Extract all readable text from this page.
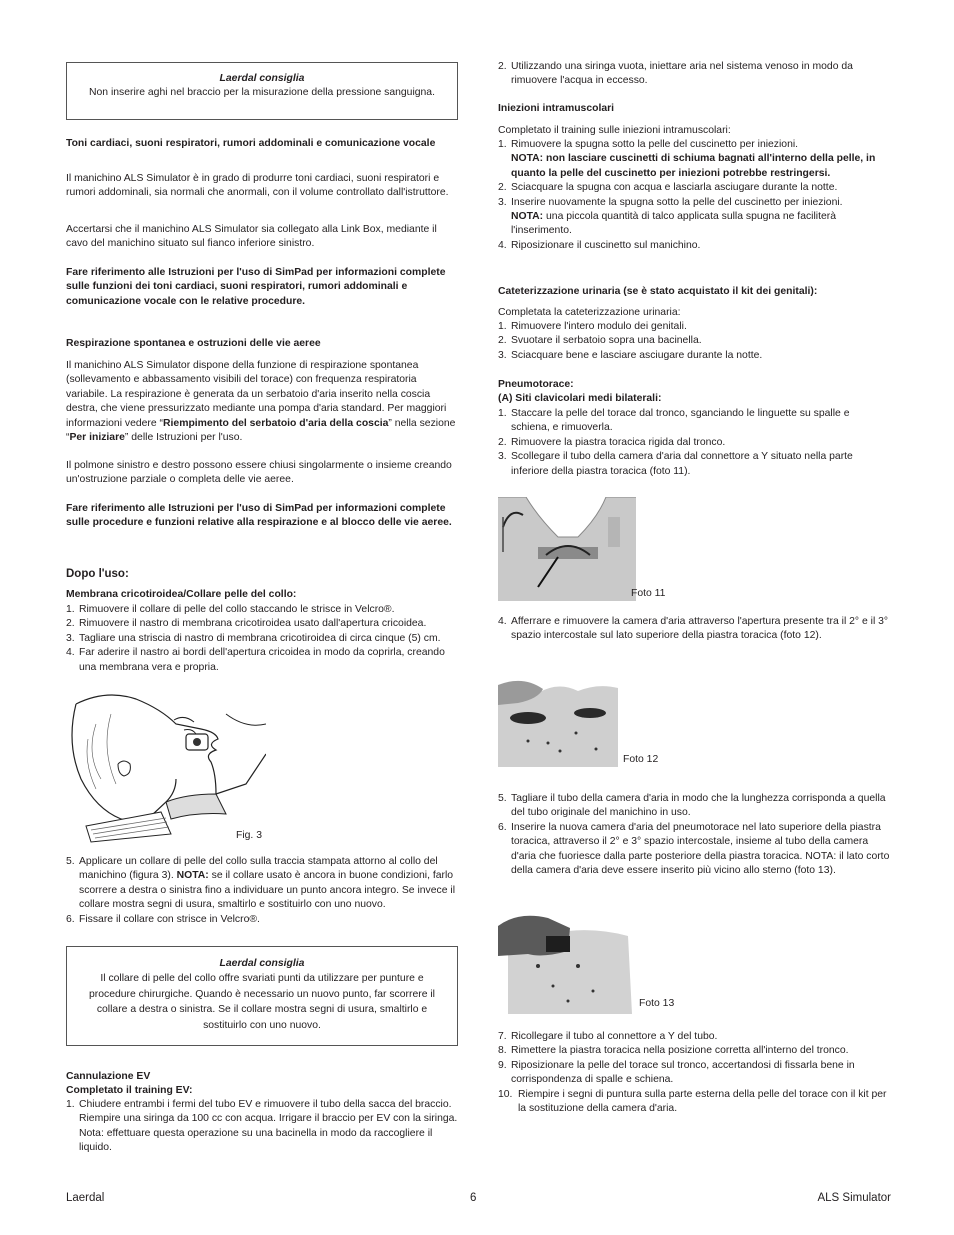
Laerdal consiglia
Non inserire aghi nel braccio per la misurazione della pressione sanguigna.

Toni cardiaci, suoni respiratori, rumori addominali e comunicazione vocale

Il manichino ALS Simulator è in grado di produrre toni cardiaci, suoni respiratori e rumori addominali, sia normali che anormali, con il volume controllato dall'istruttore.

Accertarsi che il manichino ALS Simulator sia collegato alla Link Box, mediante il cavo del manichino situato sul fianco inferiore sinistro.

Fare riferimento alle Istruzioni per l'uso di SimPad per informazioni complete sulle funzioni dei toni cardiaci, suoni respiratori, rumori addominali e comunicazione vocale con le relative procedure.

Respirazione spontanea e ostruzioni delle vie aeree

Il manichino ALS Simulator dispone della funzione di respirazione spontanea (sollevamento e abbassamento visibili del torace) con frequenza respiratoria variabile. La respirazione è generata da un serbatoio d'aria inserito nella coscia destra, che viene pressurizzato mediante una pompa d'aria standard. Per maggiori informazioni vedere “Riempimento del serbatoio d'aria della coscia” nella sezione “Per iniziare” delle Istruzioni per l'uso.

Il polmone sinistro e destro possono essere chiusi singolarmente o insieme creando un'ostruzione parziale o completa delle vie aeree.

Fare riferimento alle Istruzioni per l'uso di SimPad per informazioni complete sulle procedure e funzioni relative alla respirazione e al blocco delle vie aeree.

Dopo l'uso:

Membrana cricotiroidea/Collare pelle del collo:

1. Rimuovere il collare di pelle del collo staccando le strisce in Velcro®.
2. Rimuovere il nastro di membrana cricotiroidea usato dall'apertura cricoidea.
3. Tagliare una striscia di nastro di membrana cricotiroidea di circa cinque (5) cm.
4. Far aderire il nastro ai bordi dell'apertura cricoidea in modo da coprirla, creando una membrana vera e propria.
Fig. 3
5. Applicare un collare di pelle del collo sulla traccia stampata attorno al collo del manichino (figura 3). NOTA: se il collare usato è ancora in buone condizioni, farlo scorrere a destra o sinistra fino a individuare un punto ancora integro. Se invece il collare mostra segni di usura, smaltirlo e sostituirlo con uno nuovo.
6. Fissare il collare con strisce in Velcro®.
Laerdal consiglia
Il collare di pelle del collo offre svariati punti da utilizzare per punture e procedure chirurgiche. Quando è necessario un nuovo punto, far scorrere il collare a destra o sinistra. Se il collare mostra segni di usura, smaltirlo e sostituirlo con uno nuovo.

Cannulazione EV

Completato il training EV:

1. Chiudere entrambi i fermi del tubo EV e rimuovere il tubo della sacca del braccio. Riempire una siringa da 100 cc con acqua. Irrigare il braccio per EV con la siringa.
Nota: effettuare questa operazione su una bacinella in modo da raccogliere il liquido.
2. Utilizzando una siringa vuota, iniettare aria nel sistema venoso in modo da rimuovere l'acqua in eccesso.

Iniezioni intramuscolari

Completato il training sulle iniezioni intramuscolari:

1. Rimuovere la spugna sotto la pelle del cuscinetto per iniezioni.
NOTA: non lasciare cuscinetti di schiuma bagnati all'interno della pelle, in quanto la pelle del cuscinetto per iniezioni potrebbe restringersi.
2. Sciacquare la spugna con acqua e lasciarla asciugare durante la notte.
3. Inserire nuovamente la spugna sotto la pelle del cuscinetto per iniezioni.
NOTA: una piccola quantità di talco applicata sulla spugna ne faciliterà l'inserimento.
4. Riposizionare il cuscinetto sul manichino.

Cateterizzazione urinaria (se è stato acquistato il kit dei genitali):

Completata la cateterizzazione urinaria:

1. Rimuovere l'intero modulo dei genitali.
2. Svuotare il serbatoio sopra una bacinella.
3. Sciacquare bene e lasciare asciugare durante la notte.

Pneumotorace:

(A) Siti clavicolari medi bilaterali:

1. Staccare la pelle del torace dal tronco, sganciando le linguette su spalle e schiena, e rimuoverla.
2. Rimuovere la piastra toracica rigida dal tronco.
3. Scollegare il tubo della camera d'aria dal connettore a Y situato nella parte inferiore della piastra toracica (foto 11).
Foto 11
4. Afferrare e rimuovere la camera d'aria attraverso l'apertura presente tra il 2° e il 3° spazio intercostale sul lato superiore della piastra toracica (foto 12).
Foto 12
5. Tagliare il tubo della camera d'aria in modo che la lunghezza corrisponda a quella del tubo originale del manichino in uso.
6. Inserire la nuova camera d'aria del pneumotorace nel lato superiore della piastra toracica, attraverso il 2° e 3° spazio intercostale, insieme al tubo della camera d'aria che fuoriesce dalla parte posteriore della piastra toracica. NOTA: il lato corto della camera d'aria deve essere inserito più vicino allo sterno (foto 13).
Foto 13
7. Ricollegare il tubo al connettore a Y del tubo.
8. Rimettere la piastra toracica nella posizione corretta all'interno del tronco.
9. Riposizionare la pelle del torace sul tronco, accertandosi di fissarla bene in corrispondenza di spalle e schiena.
10. Riempire i segni di puntura sulla parte esterna della pelle del torace con il kit per la sostituzione della camera d'aria.
Laerdal	6	ALS Simulator
